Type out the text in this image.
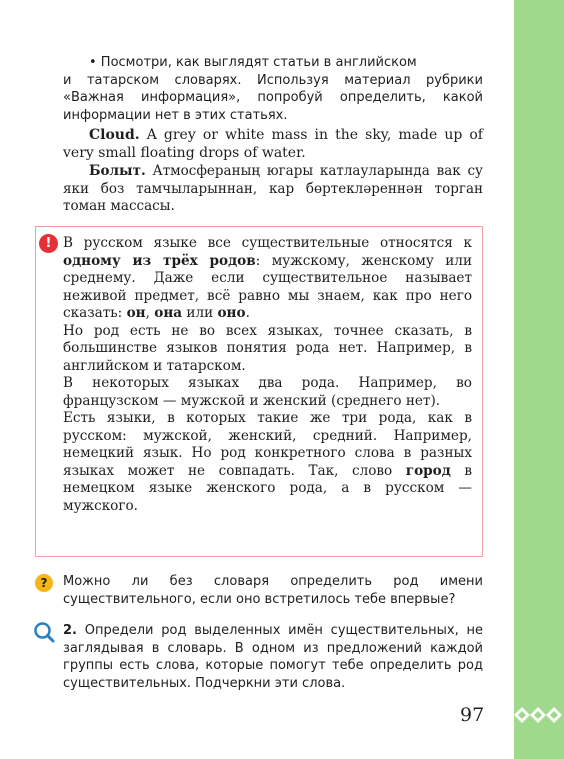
• Посмотри, как выглядят статьи в английском

и татарском словарях. Используя материал рубрики «Важная информация», попробуй определить, какой информации нет в этих статьях.

Cloud. A grey or white mass in the sky, made up of very small floating drops of water.

Болыт. Атмосфераның югары катлауларында вак су яки боз тамчыларыннан, кар бөртекләреннән торган томан массасы.

! В русском языке все существительные относятся к одному из трёх родов: мужскому, женскому или среднему. Даже если существительное называет неживой предмет, всё равно мы знаем, как про него сказать: он, она или оно.

Но род есть не во всех языках, точнее сказать, в большинстве языков понятия рода нет. Например, в английском и татарском.

В некоторых языках два рода. Например, во французском — мужской и женский (среднего нет).

Есть языки, в которых такие же три рода, как в русском: мужской, женский, средний. Например, немецкий язык. Но род конкретного слова в разных языках может не совпадать. Так, слово город в немецком языке женского рода, а в русском — мужского.

?	Можно ли без словаря определить род имени существительного, если оно встретилось тебе впервые?

2. Определи род выделенных имён существительных, не заглядывая в словарь. В одном из предложений каждой группы есть слова, которые помогут тебе определить род существительных. Подчеркни эти слова.

97
